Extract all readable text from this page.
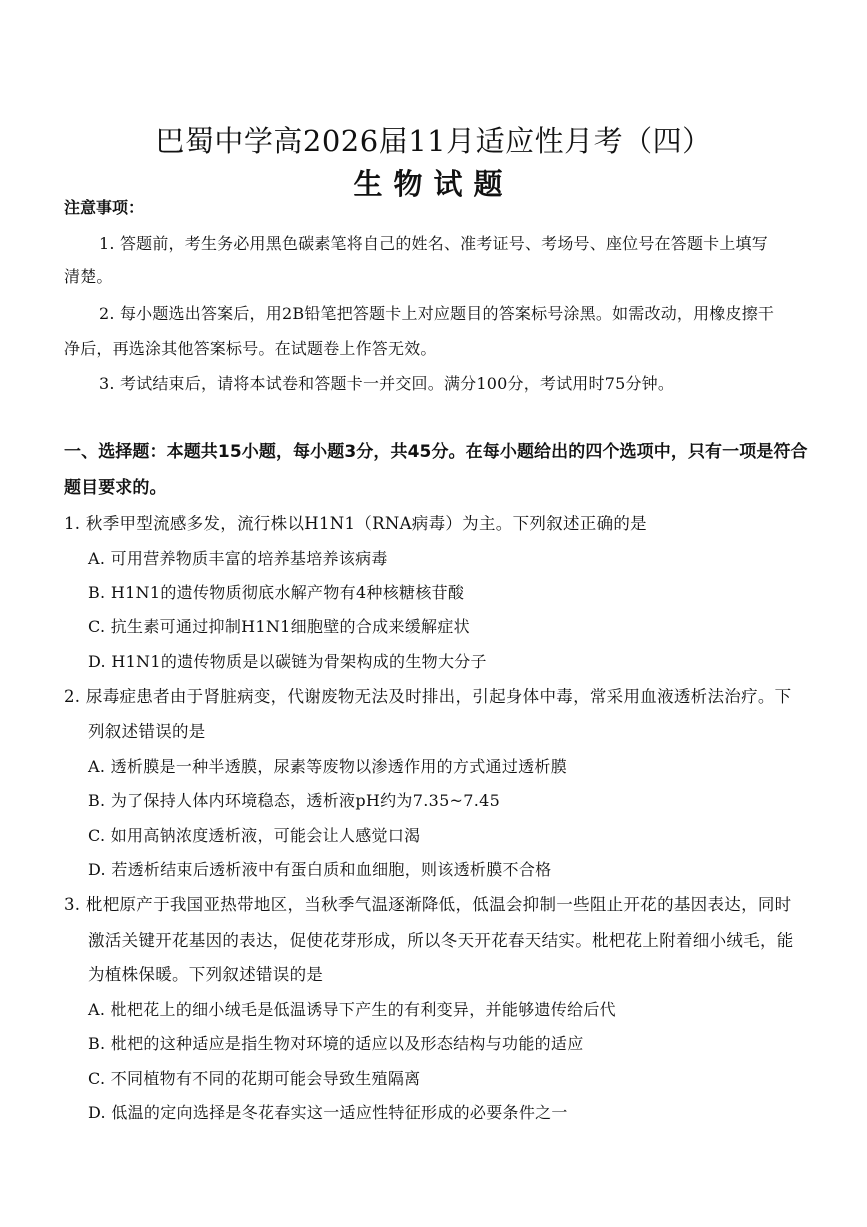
巴蜀中学高2026届11月适应性月考（四）
生物试题
注意事项：
1. 答题前，考生务必用黑色碳素笔将自己的姓名、准考证号、考场号、座位号在答题卡上填写
清楚。
2. 每小题选出答案后，用2B铅笔把答题卡上对应题目的答案标号涂黑。如需改动，用橡皮擦干
净后，再选涂其他答案标号。在试题卷上作答无效。
3. 考试结束后，请将本试卷和答题卡一并交回。满分100分，考试用时75分钟。
一、选择题：本题共15小题，每小题3分，共45分。在每小题给出的四个选项中，只有一项是符合
题目要求的。
1. 秋季甲型流感多发，流行株以H1N1（RNA病毒）为主。下列叙述正确的是
A. 可用营养物质丰富的培养基培养该病毒
B. H1N1的遗传物质彻底水解产物有4种核糖核苷酸
C. 抗生素可通过抑制H1N1细胞壁的合成来缓解症状
D. H1N1的遗传物质是以碳链为骨架构成的生物大分子
2. 尿毒症患者由于肾脏病变，代谢废物无法及时排出，引起身体中毒，常采用血液透析法治疗。下
列叙述错误的是
A. 透析膜是一种半透膜，尿素等废物以渗透作用的方式通过透析膜
B. 为了保持人体内环境稳态，透析液pH约为7.35~7.45
C. 如用高钠浓度透析液，可能会让人感觉口渴
D. 若透析结束后透析液中有蛋白质和血细胞，则该透析膜不合格
3. 枇杷原产于我国亚热带地区，当秋季气温逐渐降低，低温会抑制一些阻止开花的基因表达，同时
激活关键开花基因的表达，促使花芽形成，所以冬天开花春天结实。枇杷花上附着细小绒毛，能
为植株保暖。下列叙述错误的是
A. 枇杷花上的细小绒毛是低温诱导下产生的有利变异，并能够遗传给后代
B. 枇杷的这种适应是指生物对环境的适应以及形态结构与功能的适应
C. 不同植物有不同的花期可能会导致生殖隔离
D. 低温的定向选择是冬花春实这一适应性特征形成的必要条件之一
